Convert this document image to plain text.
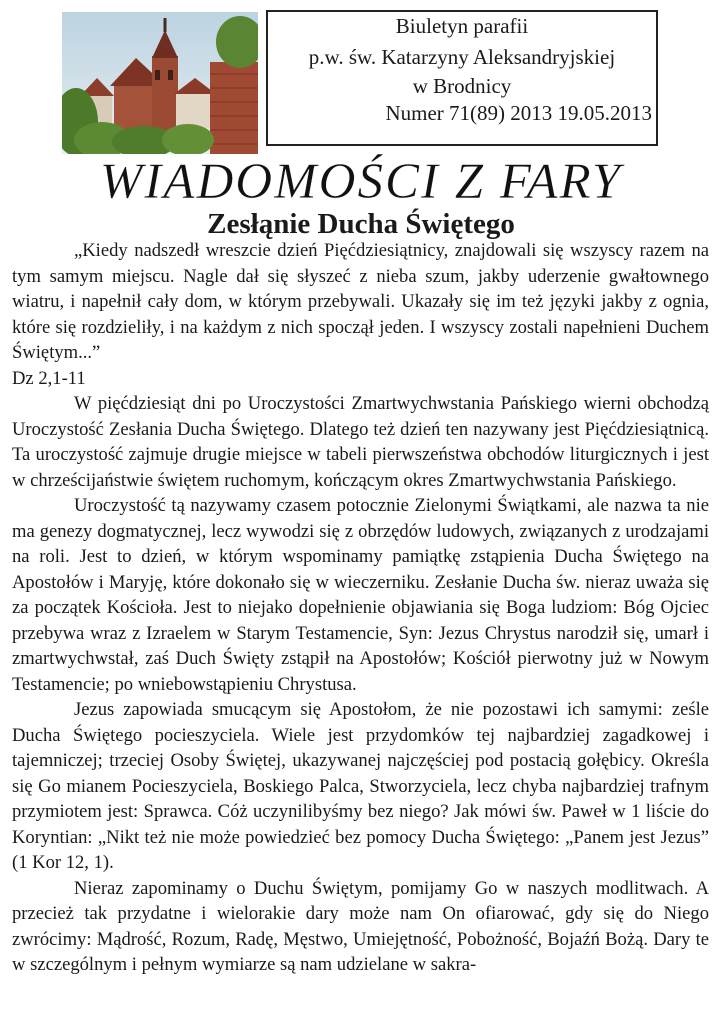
Biuletyn parafii
p.w. św. Katarzyny Aleksandryjskiej
w Brodnicy
Numer 71(89) 2013 19.05.2013
WIADOMOŚCI Z FARY
Zesłąnie Ducha Świętego

„Kiedy nadszedł wreszcie dzień Pięćdziesiątnicy, znajdowali się wszyscy razem na tym samym miejscu. Nagle dał się słyszeć z nieba szum, jakby uderzenie gwałtownego wiatru, i napełnił cały dom, w którym przebywali. Ukazały się im też języki jakby z ognia, które się rozdzieliły, i na każdym z nich spoczął jeden. I wszyscy zostali napełnieni Duchem Świętym...”

Dz 2,1-11

W pięćdziesiąt dni po Uroczystości Zmartwychwstania Pańskiego wierni obchodzą Uroczystość Zesłania Ducha Świętego. Dlatego też dzień ten nazywany jest Pięćdziesiątnicą. Ta uroczystość zajmuje drugie miejsce w tabeli pierwszeństwa obchodów liturgicznych i jest w chrześcijaństwie świętem ruchomym, kończącym okres Zmartwychwstania Pańskiego.

Uroczystość tą nazywamy czasem potocznie Zielonymi Świątkami, ale nazwa ta nie ma genezy dogmatycznej, lecz wywodzi się z obrzędów ludowych, związanych z urodzajami na roli. Jest to dzień, w którym wspominamy pamiątkę zstąpienia Ducha Świętego na Apostołów i Maryję, które dokonało się w wieczerniku. Zesłanie Ducha św. nieraz uważa się za początek Kościoła. Jest to niejako dopełnienie objawiania się Boga ludziom: Bóg Ojciec przebywa wraz z Izraelem w Starym Testamencie, Syn: Jezus Chrystus narodził się, umarł i zmartwychwstał, zaś Duch Święty zstąpił na Apostołów; Kościół pierwotny już w Nowym Testamencie; po wniebowstąpieniu Chrystusa.

Jezus zapowiada smucącym się Apostołom, że nie pozostawi ich samymi: ześle Ducha Świętego pocieszyciela. Wiele jest przydomków tej najbardziej zagadkowej i tajemniczej; trzeciej Osoby Świętej, ukazywanej najczęściej pod postacią gołębicy. Określa się Go mianem Pocieszyciela, Boskiego Palca, Stworzyciela, lecz chyba najbardziej trafnym przymiotem jest: Sprawca. Cóż uczynilibyśmy bez niego? Jak mówi św. Paweł w 1 liście do Koryntian: „Nikt też nie może powiedzieć bez pomocy Ducha Świętego: „Panem jest Jezus” (1 Kor 12, 1).

Nieraz zapominamy o Duchu Świętym, pomijamy Go w naszych modlitwach. A przecież tak przydatne i wielorakie dary może nam On ofiarować, gdy się do Niego zwrócimy: Mądrość, Rozum, Radę, Męstwo, Umiejętność, Pobożność, Bojaźń Bożą. Dary te w szczególnym i pełnym wymiarze są nam udzielane w sakra-
